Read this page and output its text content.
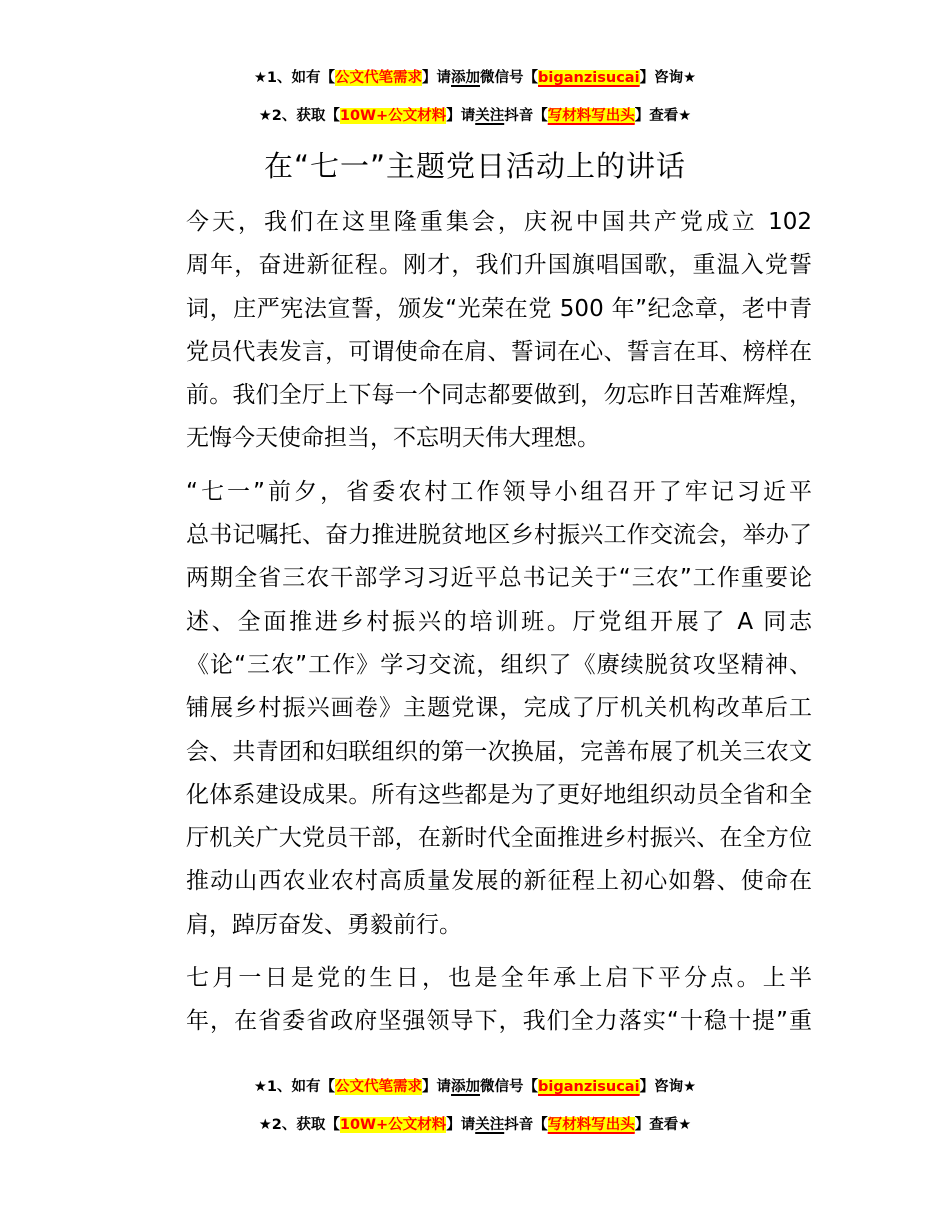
★1、如有【公文代笔需求】请添加微信号【biganzisucai】咨询★
★2、获取【10W+公文材料】请关注抖音【写材料写出头】查看★
在“七一”主题党日活动上的讲话

今天，我们在这里隆重集会，庆祝中国共产党成立 102
周年，奋进新征程。刚才，我们升国旗唱国歌，重温入党誓
词，庄严宪法宣誓，颁发“光荣在党 500 年”纪念章，老中青
党员代表发言，可谓使命在肩、誓词在心、誓言在耳、榜样在
前。我们全厅上下每一个同志都要做到，勿忘昨日苦难辉煌，
无悔今天使命担当，不忘明天伟大理想。

“七一”前夕，省委农村工作领导小组召开了牢记习近平
总书记嘱托、奋力推进脱贫地区乡村振兴工作交流会，举办了
两期全省三农干部学习习近平总书记关于“三农”工作重要论
述、全面推进乡村振兴的培训班。厅党组开展了 A 同志
《论“三农”工作》学习交流，组织了《赓续脱贫攻坚精神、
铺展乡村振兴画卷》主题党课，完成了厅机关机构改革后工
会、共青团和妇联组织的第一次换届，完善布展了机关三农文
化体系建设成果。所有这些都是为了更好地组织动员全省和全
厅机关广大党员干部，在新时代全面推进乡村振兴、在全方位
推动山西农业农村高质量发展的新征程上初心如磐、使命在
肩，踔厉奋发、勇毅前行。

七月一日是党的生日，也是全年承上启下平分点。上半
年，在省委省政府坚强领导下，我们全力落实“十稳十提”重

★1、如有【公文代笔需求】请添加微信号【biganzisucai】咨询★
★2、获取【10W+公文材料】请关注抖音【写材料写出头】查看★
